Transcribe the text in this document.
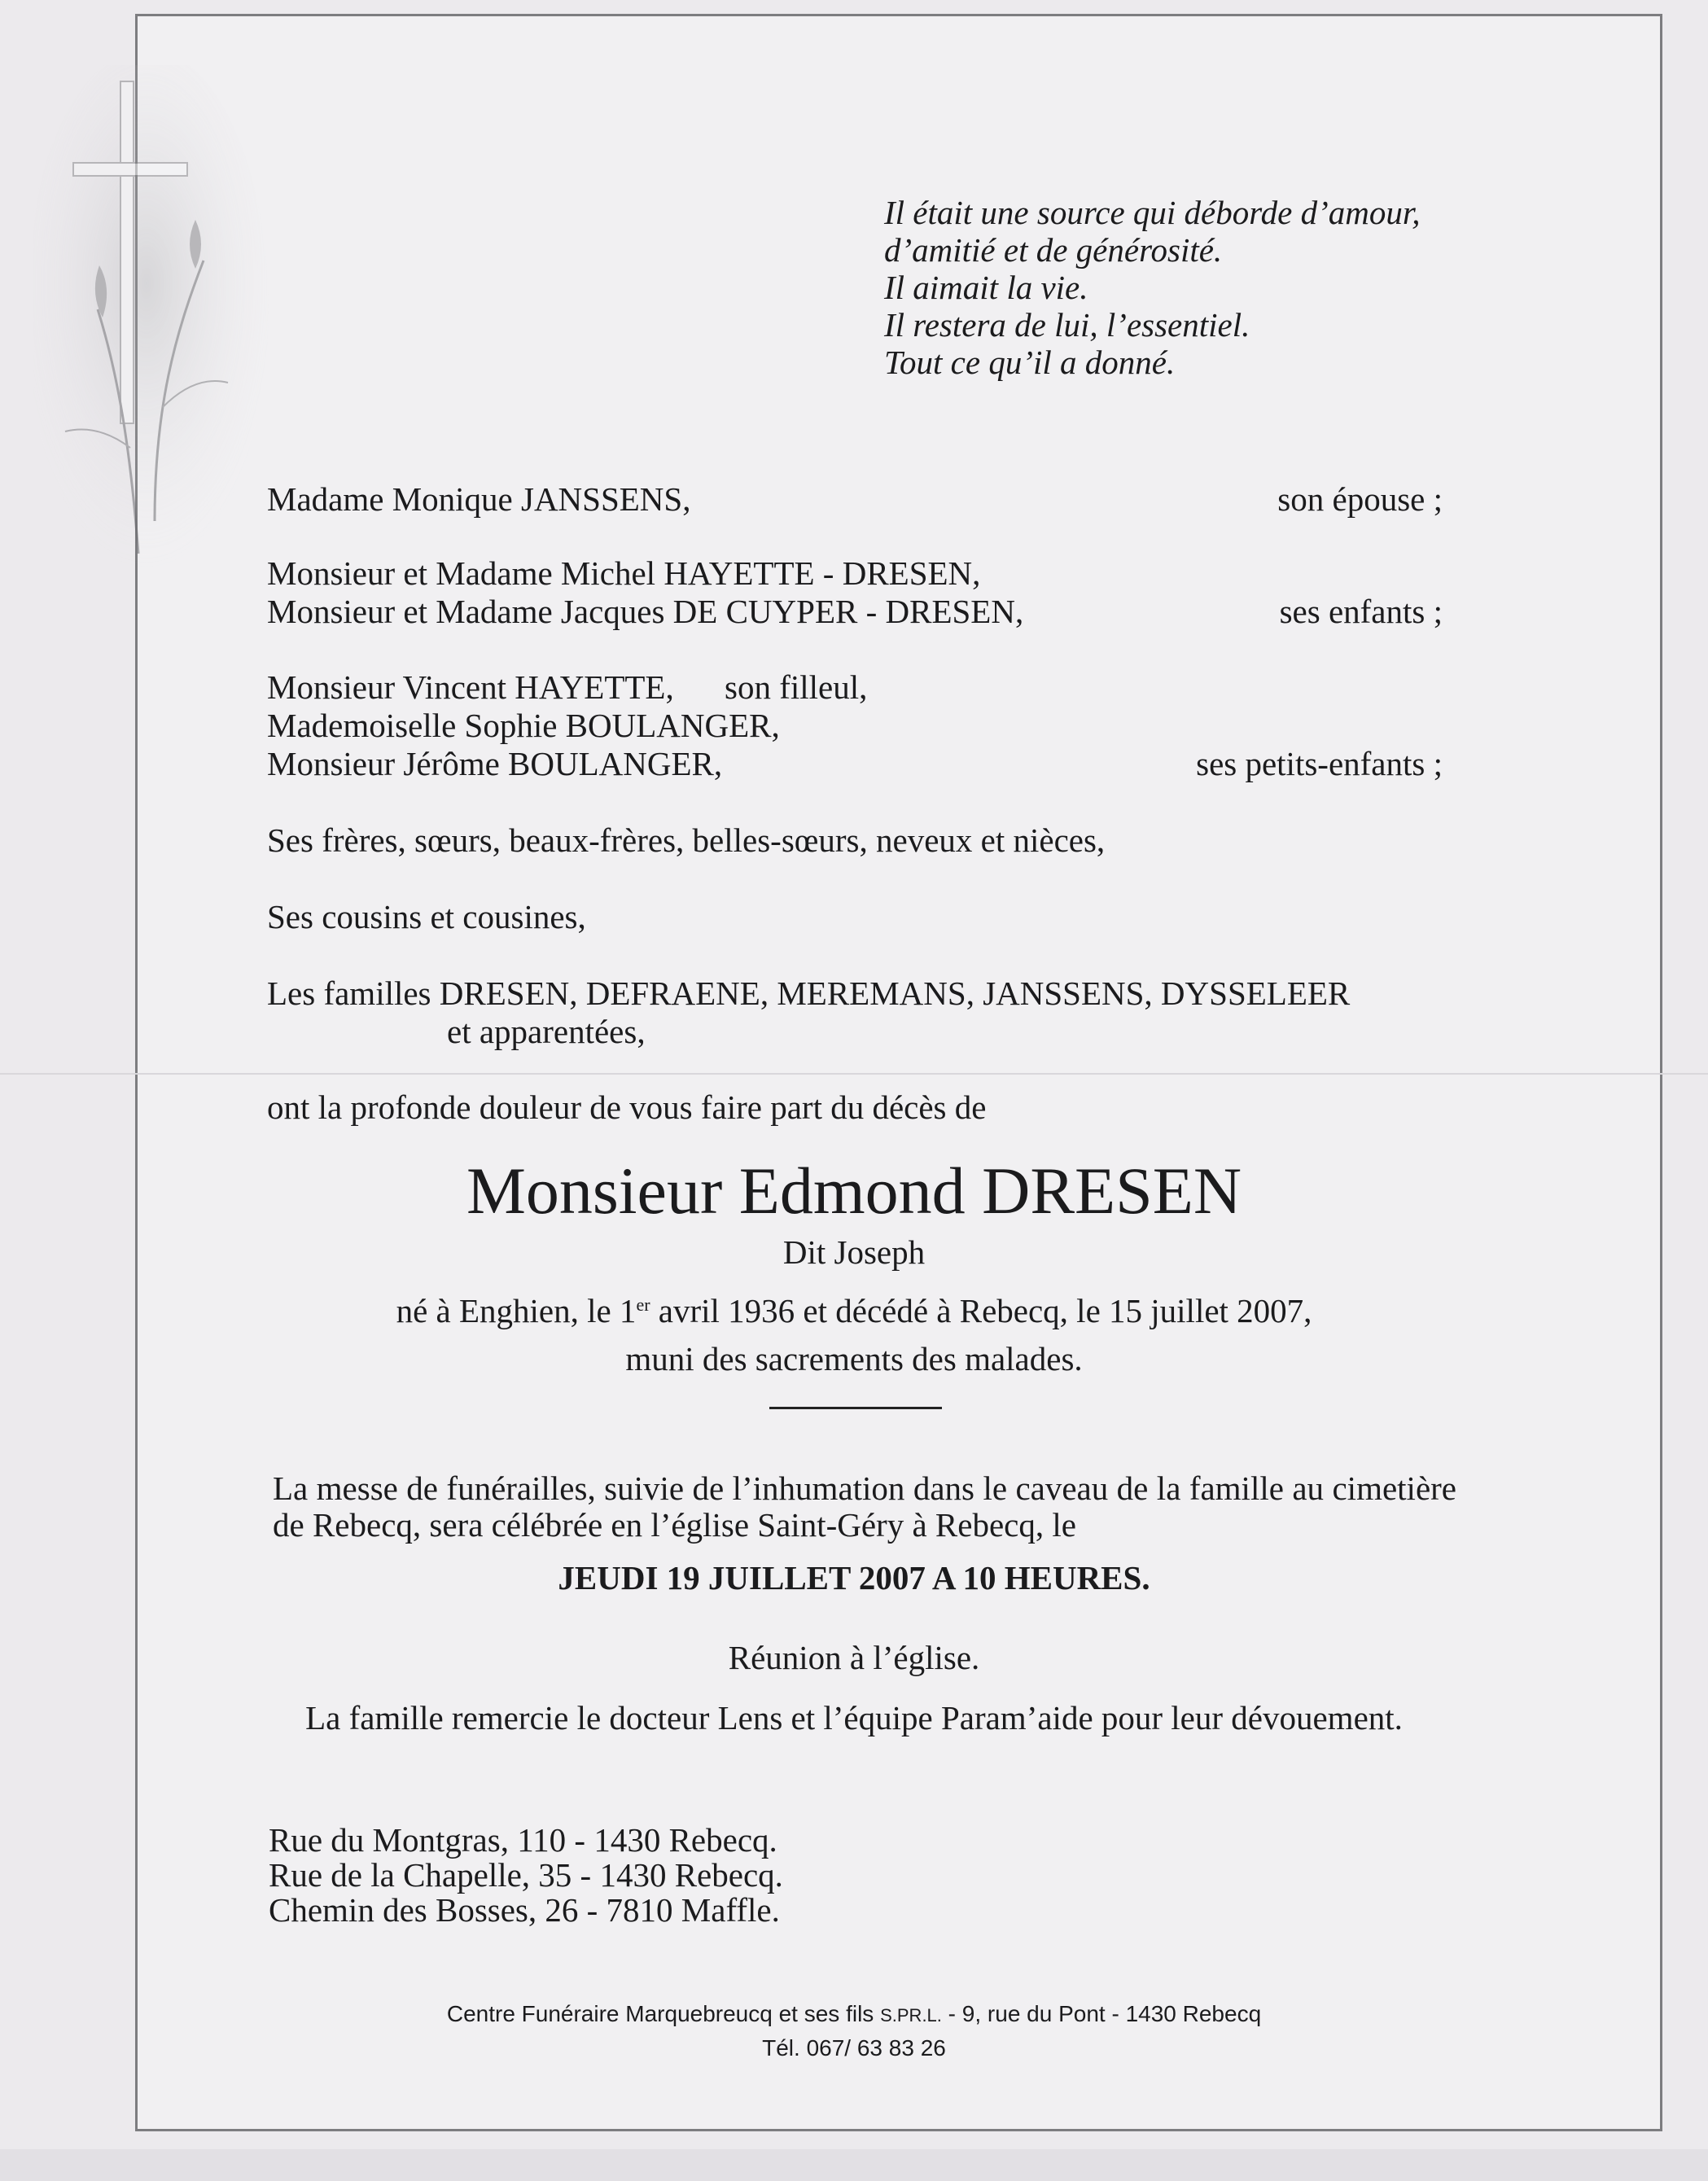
Il était une source qui déborde d’amour,
d’amitié et de générosité.
Il aimait la vie.
Il restera de lui, l’essentiel.
Tout ce qu’il a donné.
Madame Monique JANSSENS,	son épouse ;
Monsieur et Madame Michel HAYETTE - DRESEN,
Monsieur et Madame Jacques DE CUYPER - DRESEN,	ses enfants ;
Monsieur Vincent HAYETTE, son filleul,
Mademoiselle Sophie BOULANGER,
Monsieur Jérôme BOULANGER,	ses petits-enfants ;
Ses frères, sœurs, beaux-frères, belles-sœurs, neveux et nièces,
Ses cousins et cousines,
Les familles DRESEN, DEFRAENE, MEREMANS, JANSSENS, DYSSELEER
et apparentées,
ont la profonde douleur de vous faire part du décès de
Monsieur Edmond DRESEN
Dit Joseph
né à Enghien, le 1er avril 1936 et décédé à Rebecq, le 15 juillet 2007,
muni des sacrements des malades.
La messe de funérailles, suivie de l’inhumation dans le caveau de la famille au cimetière de Rebecq, sera célébrée en l’église Saint-Géry à Rebecq, le
JEUDI 19 JUILLET 2007 A 10 HEURES.
Réunion à l’église.
La famille remercie le docteur Lens et l’équipe Param’aide pour leur dévouement.
Rue du Montgras, 110 - 1430 Rebecq.
Rue de la Chapelle, 35 - 1430 Rebecq.
Chemin des Bosses, 26 - 7810 Maffle.
Centre Funéraire Marquebreucq et ses fils S.PR.L. - 9, rue du Pont - 1430 Rebecq
Tél. 067/ 63 83 26
